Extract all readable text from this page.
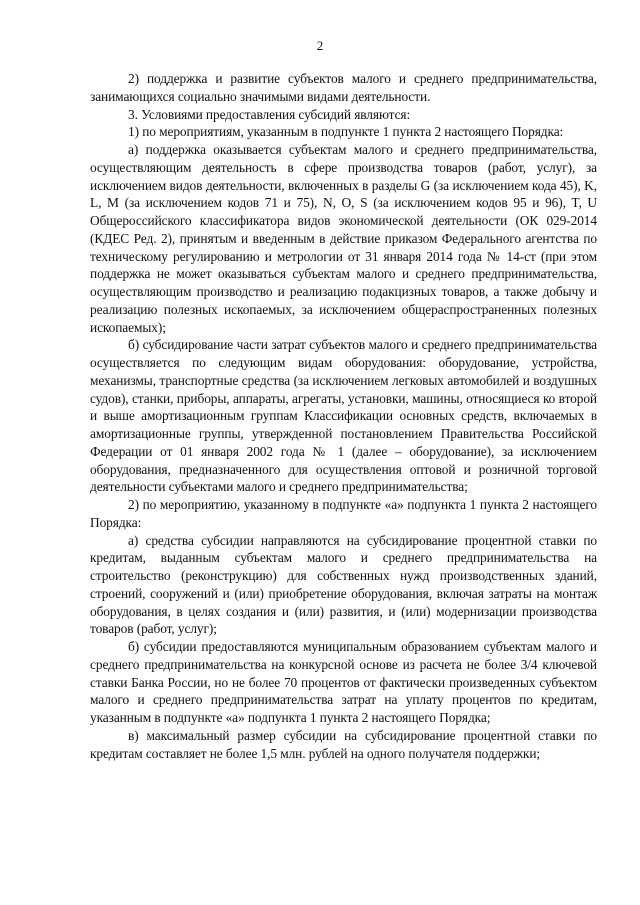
2

2) поддержка и развитие субъектов малого и среднего предпринимательства, занимающихся социально значимыми видами деятельности.

3. Условиями предоставления субсидий являются:

1) по мероприятиям, указанным в подпункте 1 пункта 2 настоящего Порядка:

а) поддержка оказывается субъектам малого и среднего предпринимательства, осуществляющим деятельность в сфере производства товаров (работ, услуг), за исключением видов деятельности, включенных в разделы G (за исключением кода 45), K, L, M (за исключением кодов 71 и 75), N, O, S (за исключением кодов 95 и 96), T, U Общероссийского классификатора видов экономической деятельности (ОК 029-2014 (КДЕС Ред. 2), принятым и введенным в действие приказом Федерального агентства по техническому регулированию и метрологии от 31 января 2014 года № 14-ст (при этом поддержка не может оказываться субъектам малого и среднего предпринимательства, осуществляющим производство и реализацию подакцизных товаров, а также добычу и реализацию полезных ископаемых, за исключением общераспространенных полезных ископаемых);

б) субсидирование части затрат субъектов малого и среднего предпринимательства осуществляется по следующим видам оборудования: оборудование, устройства, механизмы, транспортные средства (за исключением легковых автомобилей и воздушных судов), станки, приборы, аппараты, агрегаты, установки, машины, относящиеся ко второй и выше амортизационным группам Классификации основных средств, включаемых в амортизационные группы, утвержденной постановлением Правительства Российской Федерации от 01 января 2002 года № 1 (далее – оборудование), за исключением оборудования, предназначенного для осуществления оптовой и розничной торговой деятельности субъектами малого и среднего предпринимательства;

2) по мероприятию, указанному в подпункте «а» подпункта 1 пункта 2 настоящего Порядка:

а) средства субсидии направляются на субсидирование процентной ставки по кредитам, выданным субъектам малого и среднего предпринимательства на строительство (реконструкцию) для собственных нужд производственных зданий, строений, сооружений и (или) приобретение оборудования, включая затраты на монтаж оборудования, в целях создания и (или) развития, и (или) модернизации производства товаров (работ, услуг);

б) субсидии предоставляются муниципальным образованием субъектам малого и среднего предпринимательства на конкурсной основе из расчета не более 3/4 ключевой ставки Банка России, но не более 70 процентов от фактически произведенных субъектом малого и среднего предпринимательства затрат на уплату процентов по кредитам, указанным в подпункте «а» подпункта 1 пункта 2 настоящего Порядка;

в) максимальный размер субсидии на субсидирование процентной ставки по кредитам составляет не более 1,5 млн. рублей на одного получателя поддержки;
